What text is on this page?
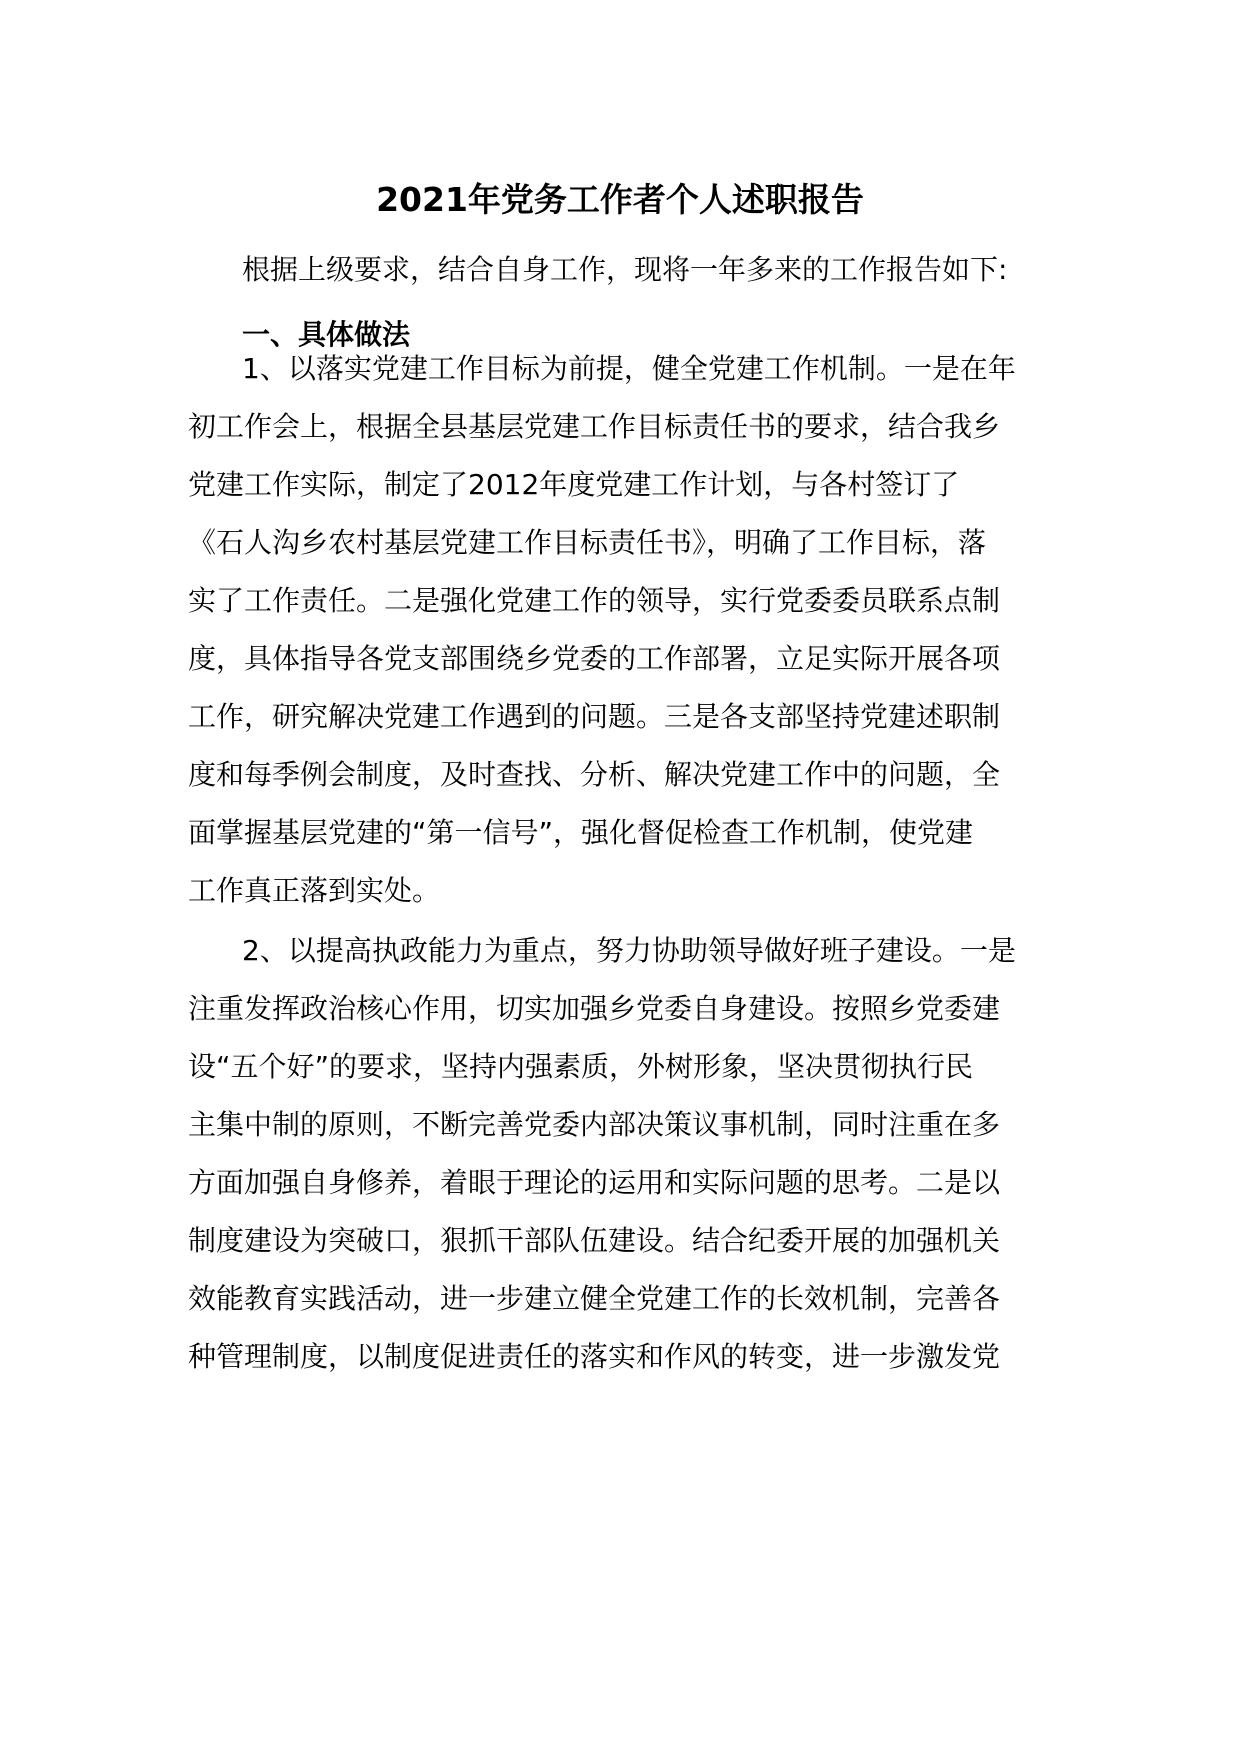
2021年党务工作者个人述职报告

根据上级要求，结合自身工作，现将一年多来的工作报告如下:

一、具体做法

1、以落实党建工作目标为前提，健全党建工作机制。一是在年

初工作会上，根据全县基层党建工作目标责任书的要求，结合我乡

党建工作实际，制定了2012年度党建工作计划，与各村签订了

《石人沟乡农村基层党建工作目标责任书》，明确了工作目标，落

实了工作责任。二是强化党建工作的领导，实行党委委员联系点制

度，具体指导各党支部围绕乡党委的工作部署，立足实际开展各项

工作，研究解决党建工作遇到的问题。三是各支部坚持党建述职制

度和每季例会制度，及时查找、分析、解决党建工作中的问题，全

面掌握基层党建的“第一信号”，强化督促检查工作机制，使党建

工作真正落到实处。

2、以提高执政能力为重点，努力协助领导做好班子建设。一是

注重发挥政治核心作用，切实加强乡党委自身建设。按照乡党委建

设“五个好”的要求，坚持内强素质，外树形象，坚决贯彻执行民

主集中制的原则，不断完善党委内部决策议事机制，同时注重在多

方面加强自身修养，着眼于理论的运用和实际问题的思考。二是以

制度建设为突破口，狠抓干部队伍建设。结合纪委开展的加强机关

效能教育实践活动，进一步建立健全党建工作的长效机制，完善各

种管理制度，以制度促进责任的落实和作风的转变，进一步激发党
